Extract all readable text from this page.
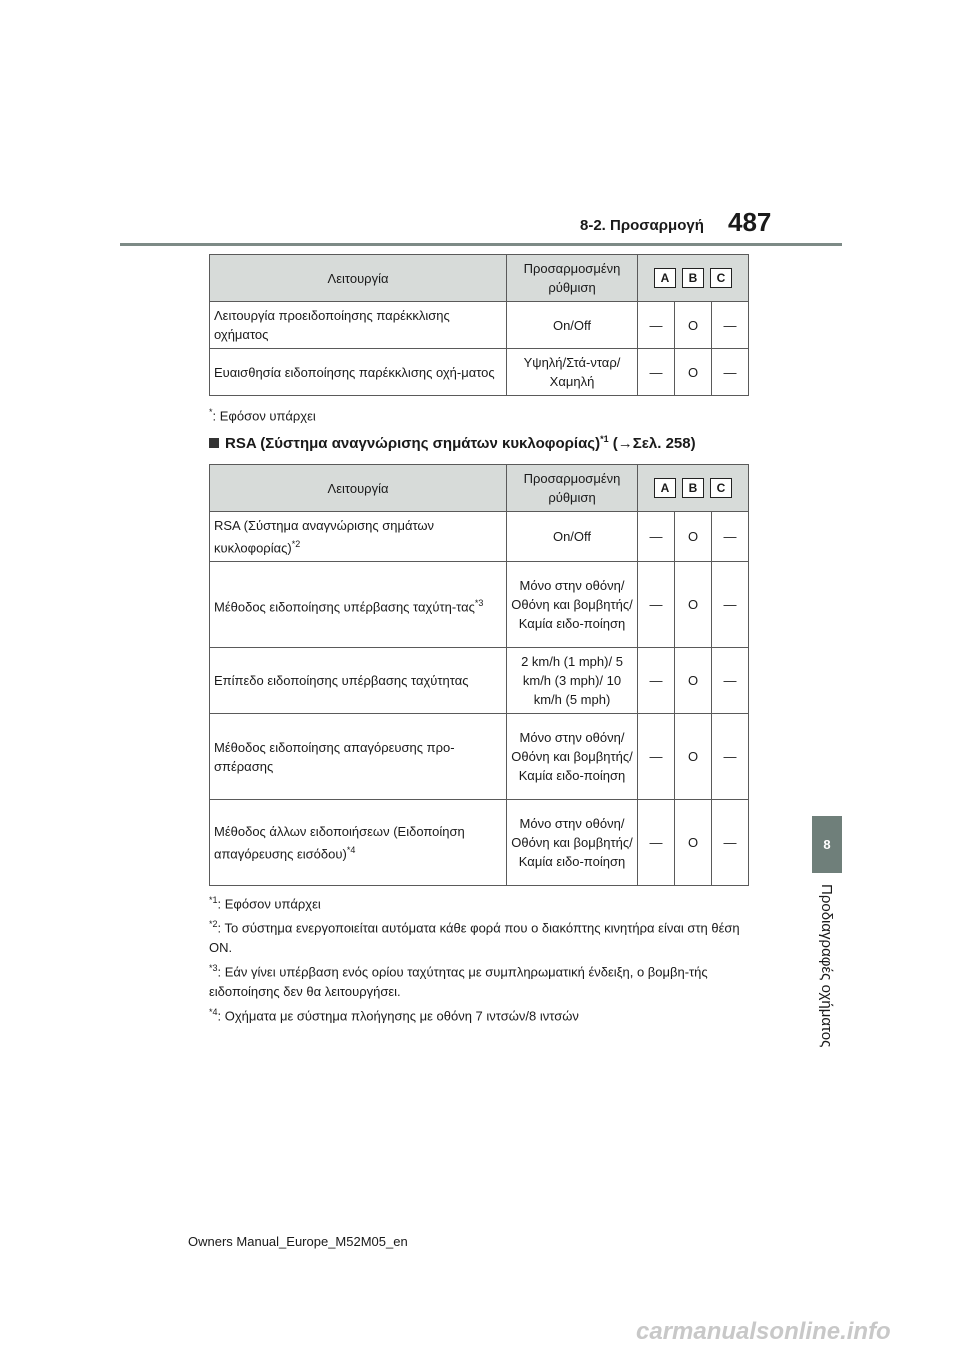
8-2. Προσαρμογή 487
8
Προδιαγραφές οχήματος
Λειτουργία	Προσαρμοσμένη ρύθμιση	A B C		

Λειτουργία προειδοποίησης παρέκκλισης οχήματος	On/Off	—	O	—
Ευαισθησία ειδοποίησης παρέκκλισης οχή-ματος	Υψηλή/Στά-νταρ/Χαμηλή	—	O	—
*: Εφόσον υπάρχει
RSA (Σύστημα αναγνώρισης σημάτων κυκλοφορίας)$^{*1}$ (→Σελ. 258)
Λειτουργία	Προσαρμοσμένη ρύθμιση	A B C		

RSA (Σύστημα αναγνώρισης σημάτων κυκλοφορίας)$^{*2}$	On/Off	—	O	—
Μέθοδος ειδοποίησης υπέρβασης ταχύτη-τας$^{*3}$	Μόνο στην οθόνη/Οθόνη και βομβητής/Καμία ειδο-ποίηση	—	O	—
Επίπεδο ειδοποίησης υπέρβασης ταχύτητας	2 km/h (1 mph)/ 5 km/h (3 mph)/ 10 km/h (5 mph)	—	O	—
Μέθοδος ειδοποίησης απαγόρευσης προ-σπέρασης	Μόνο στην οθόνη/Οθόνη και βομβητής/Καμία ειδο-ποίηση	—	O	—
Μέθοδος άλλων ειδοποιήσεων (Ειδοποίηση απαγόρευσης εισόδου)$^{*4}$	Μόνο στην οθόνη/Οθόνη και βομβητής/Καμία ειδο-ποίηση	—	O	—
$^{*1}$: Εφόσον υπάρχει
$^{*2}$: Το σύστημα ενεργοποιείται αυτόματα κάθε φορά που ο διακόπτης κινητήρα είναι στη θέση ON.
$^{*3}$: Εάν γίνει υπέρβαση ενός ορίου ταχύτητας με συμπληρωματική ένδειξη, ο βομβη-τής ειδοποίησης δεν θα λειτουργήσει.
$^{*4}$: Οχήματα με σύστημα πλοήγησης με οθόνη 7 ιντσών/8 ιντσών
Owners Manual_Europe_M52M05_en
carmanualsonline.info
